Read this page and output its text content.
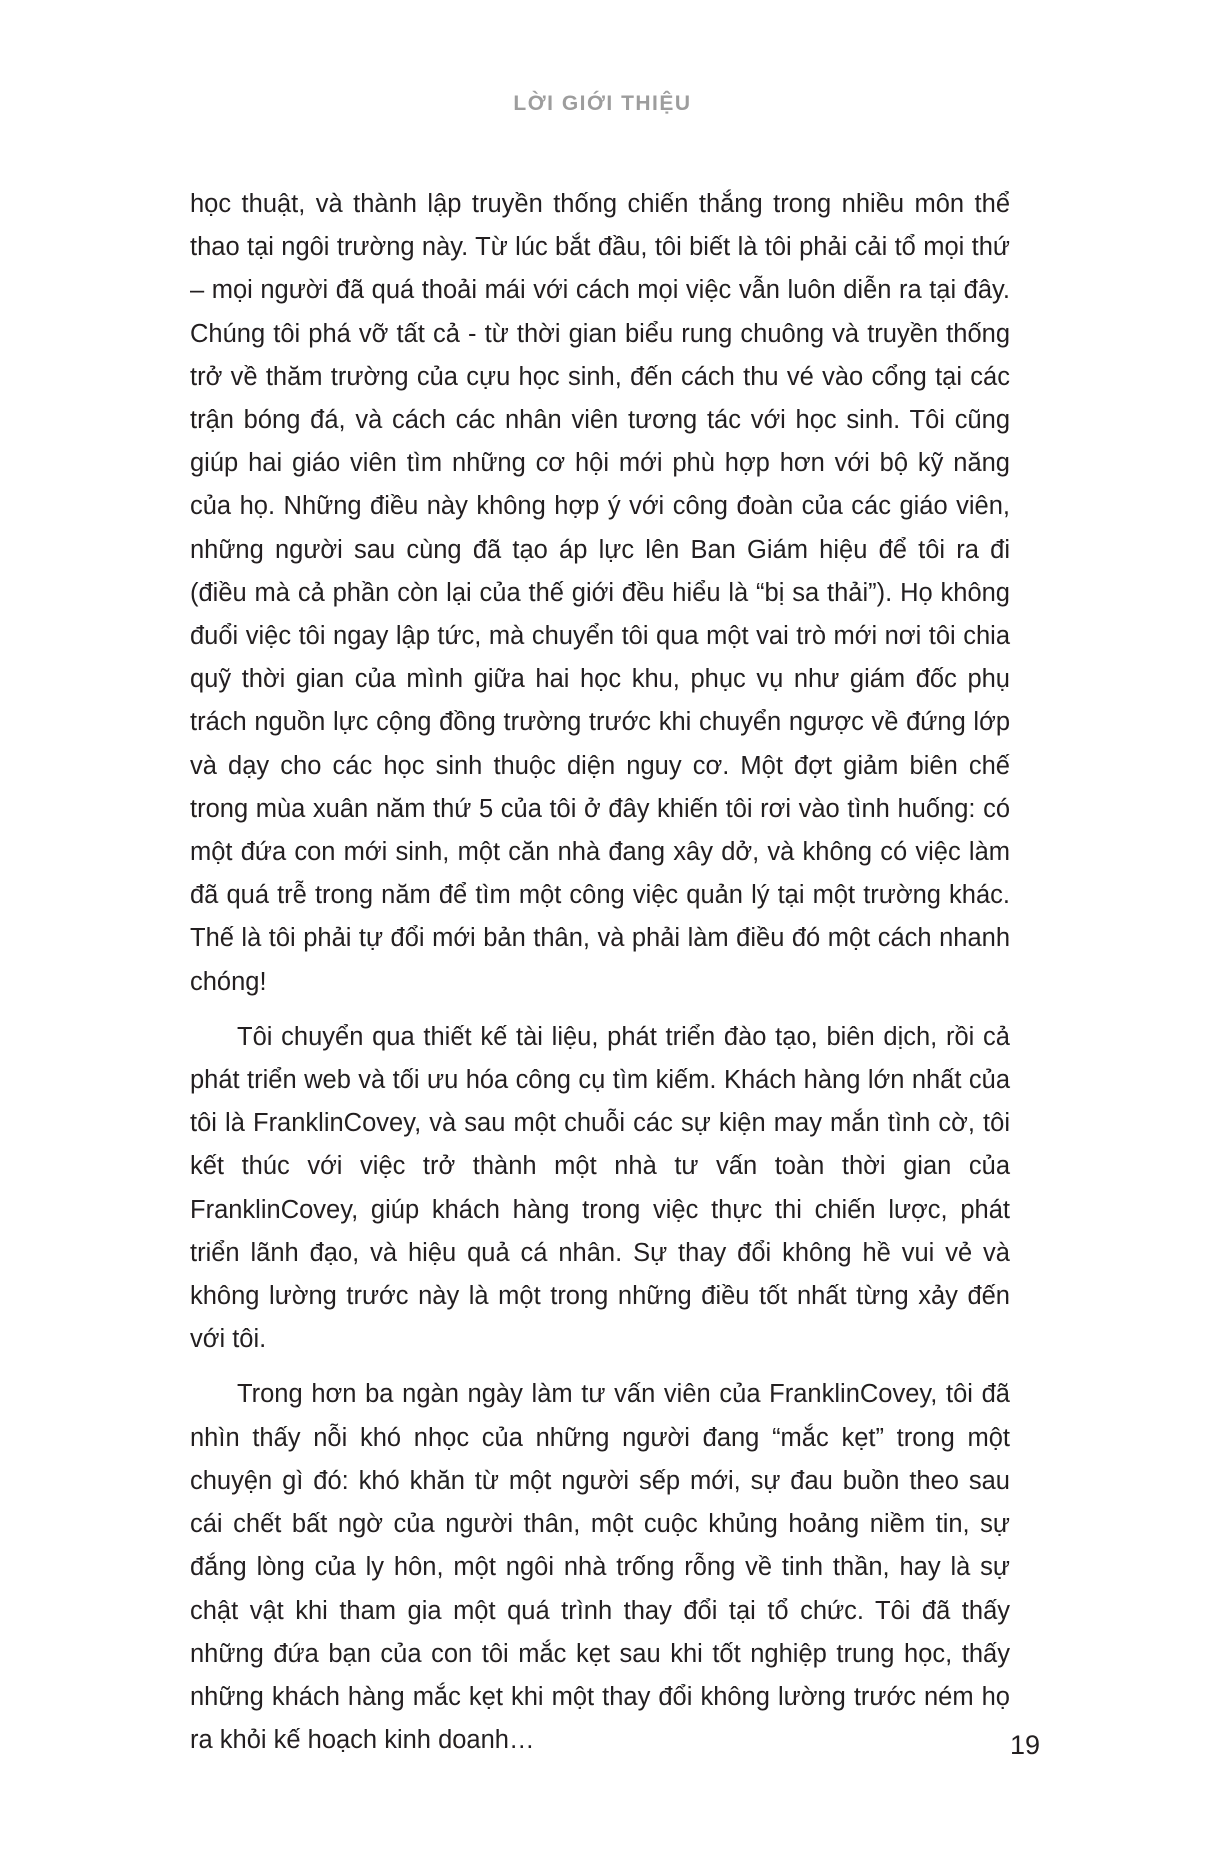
LỜI GIỚI THIỆU

học thuật, và thành lập truyền thống chiến thắng trong nhiều môn thể thao tại ngôi trường này. Từ lúc bắt đầu, tôi biết là tôi phải cải tổ mọi thứ – mọi người đã quá thoải mái với cách mọi việc vẫn luôn diễn ra tại đây. Chúng tôi phá vỡ tất cả - từ thời gian biểu rung chuông và truyền thống trở về thăm trường của cựu học sinh, đến cách thu vé vào cổng tại các trận bóng đá, và cách các nhân viên tương tác với học sinh. Tôi cũng giúp hai giáo viên tìm những cơ hội mới phù hợp hơn với bộ kỹ năng của họ. Những điều này không hợp ý với công đoàn của các giáo viên, những người sau cùng đã tạo áp lực lên Ban Giám hiệu để tôi ra đi (điều mà cả phần còn lại của thế giới đều hiểu là “bị sa thải”). Họ không đuổi việc tôi ngay lập tức, mà chuyển tôi qua một vai trò mới nơi tôi chia quỹ thời gian của mình giữa hai học khu, phục vụ như giám đốc phụ trách nguồn lực cộng đồng trường trước khi chuyển ngược về đứng lớp và dạy cho các học sinh thuộc diện nguy cơ. Một đợt giảm biên chế trong mùa xuân năm thứ 5 của tôi ở đây khiến tôi rơi vào tình huống: có một đứa con mới sinh, một căn nhà đang xây dở, và không có việc làm đã quá trễ trong năm để tìm một công việc quản lý tại một trường khác. Thế là tôi phải tự đổi mới bản thân, và phải làm điều đó một cách nhanh chóng!

Tôi chuyển qua thiết kế tài liệu, phát triển đào tạo, biên dịch, rồi cả phát triển web và tối ưu hóa công cụ tìm kiếm. Khách hàng lớn nhất của tôi là FranklinCovey, và sau một chuỗi các sự kiện may mắn tình cờ, tôi kết thúc với việc trở thành một nhà tư vấn toàn thời gian của FranklinCovey, giúp khách hàng trong việc thực thi chiến lược, phát triển lãnh đạo, và hiệu quả cá nhân. Sự thay đổi không hề vui vẻ và không lường trước này là một trong những điều tốt nhất từng xảy đến với tôi.

Trong hơn ba ngàn ngày làm tư vấn viên của FranklinCovey, tôi đã nhìn thấy nỗi khó nhọc của những người đang “mắc kẹt” trong một chuyện gì đó: khó khăn từ một người sếp mới, sự đau buồn theo sau cái chết bất ngờ của người thân, một cuộc khủng hoảng niềm tin, sự đắng lòng của ly hôn, một ngôi nhà trống rỗng về tinh thần, hay là sự chật vật khi tham gia một quá trình thay đổi tại tổ chức. Tôi đã thấy những đứa bạn của con tôi mắc kẹt sau khi tốt nghiệp trung học, thấy những khách hàng mắc kẹt khi một thay đổi không lường trước ném họ ra khỏi kế hoạch kinh doanh…	19
